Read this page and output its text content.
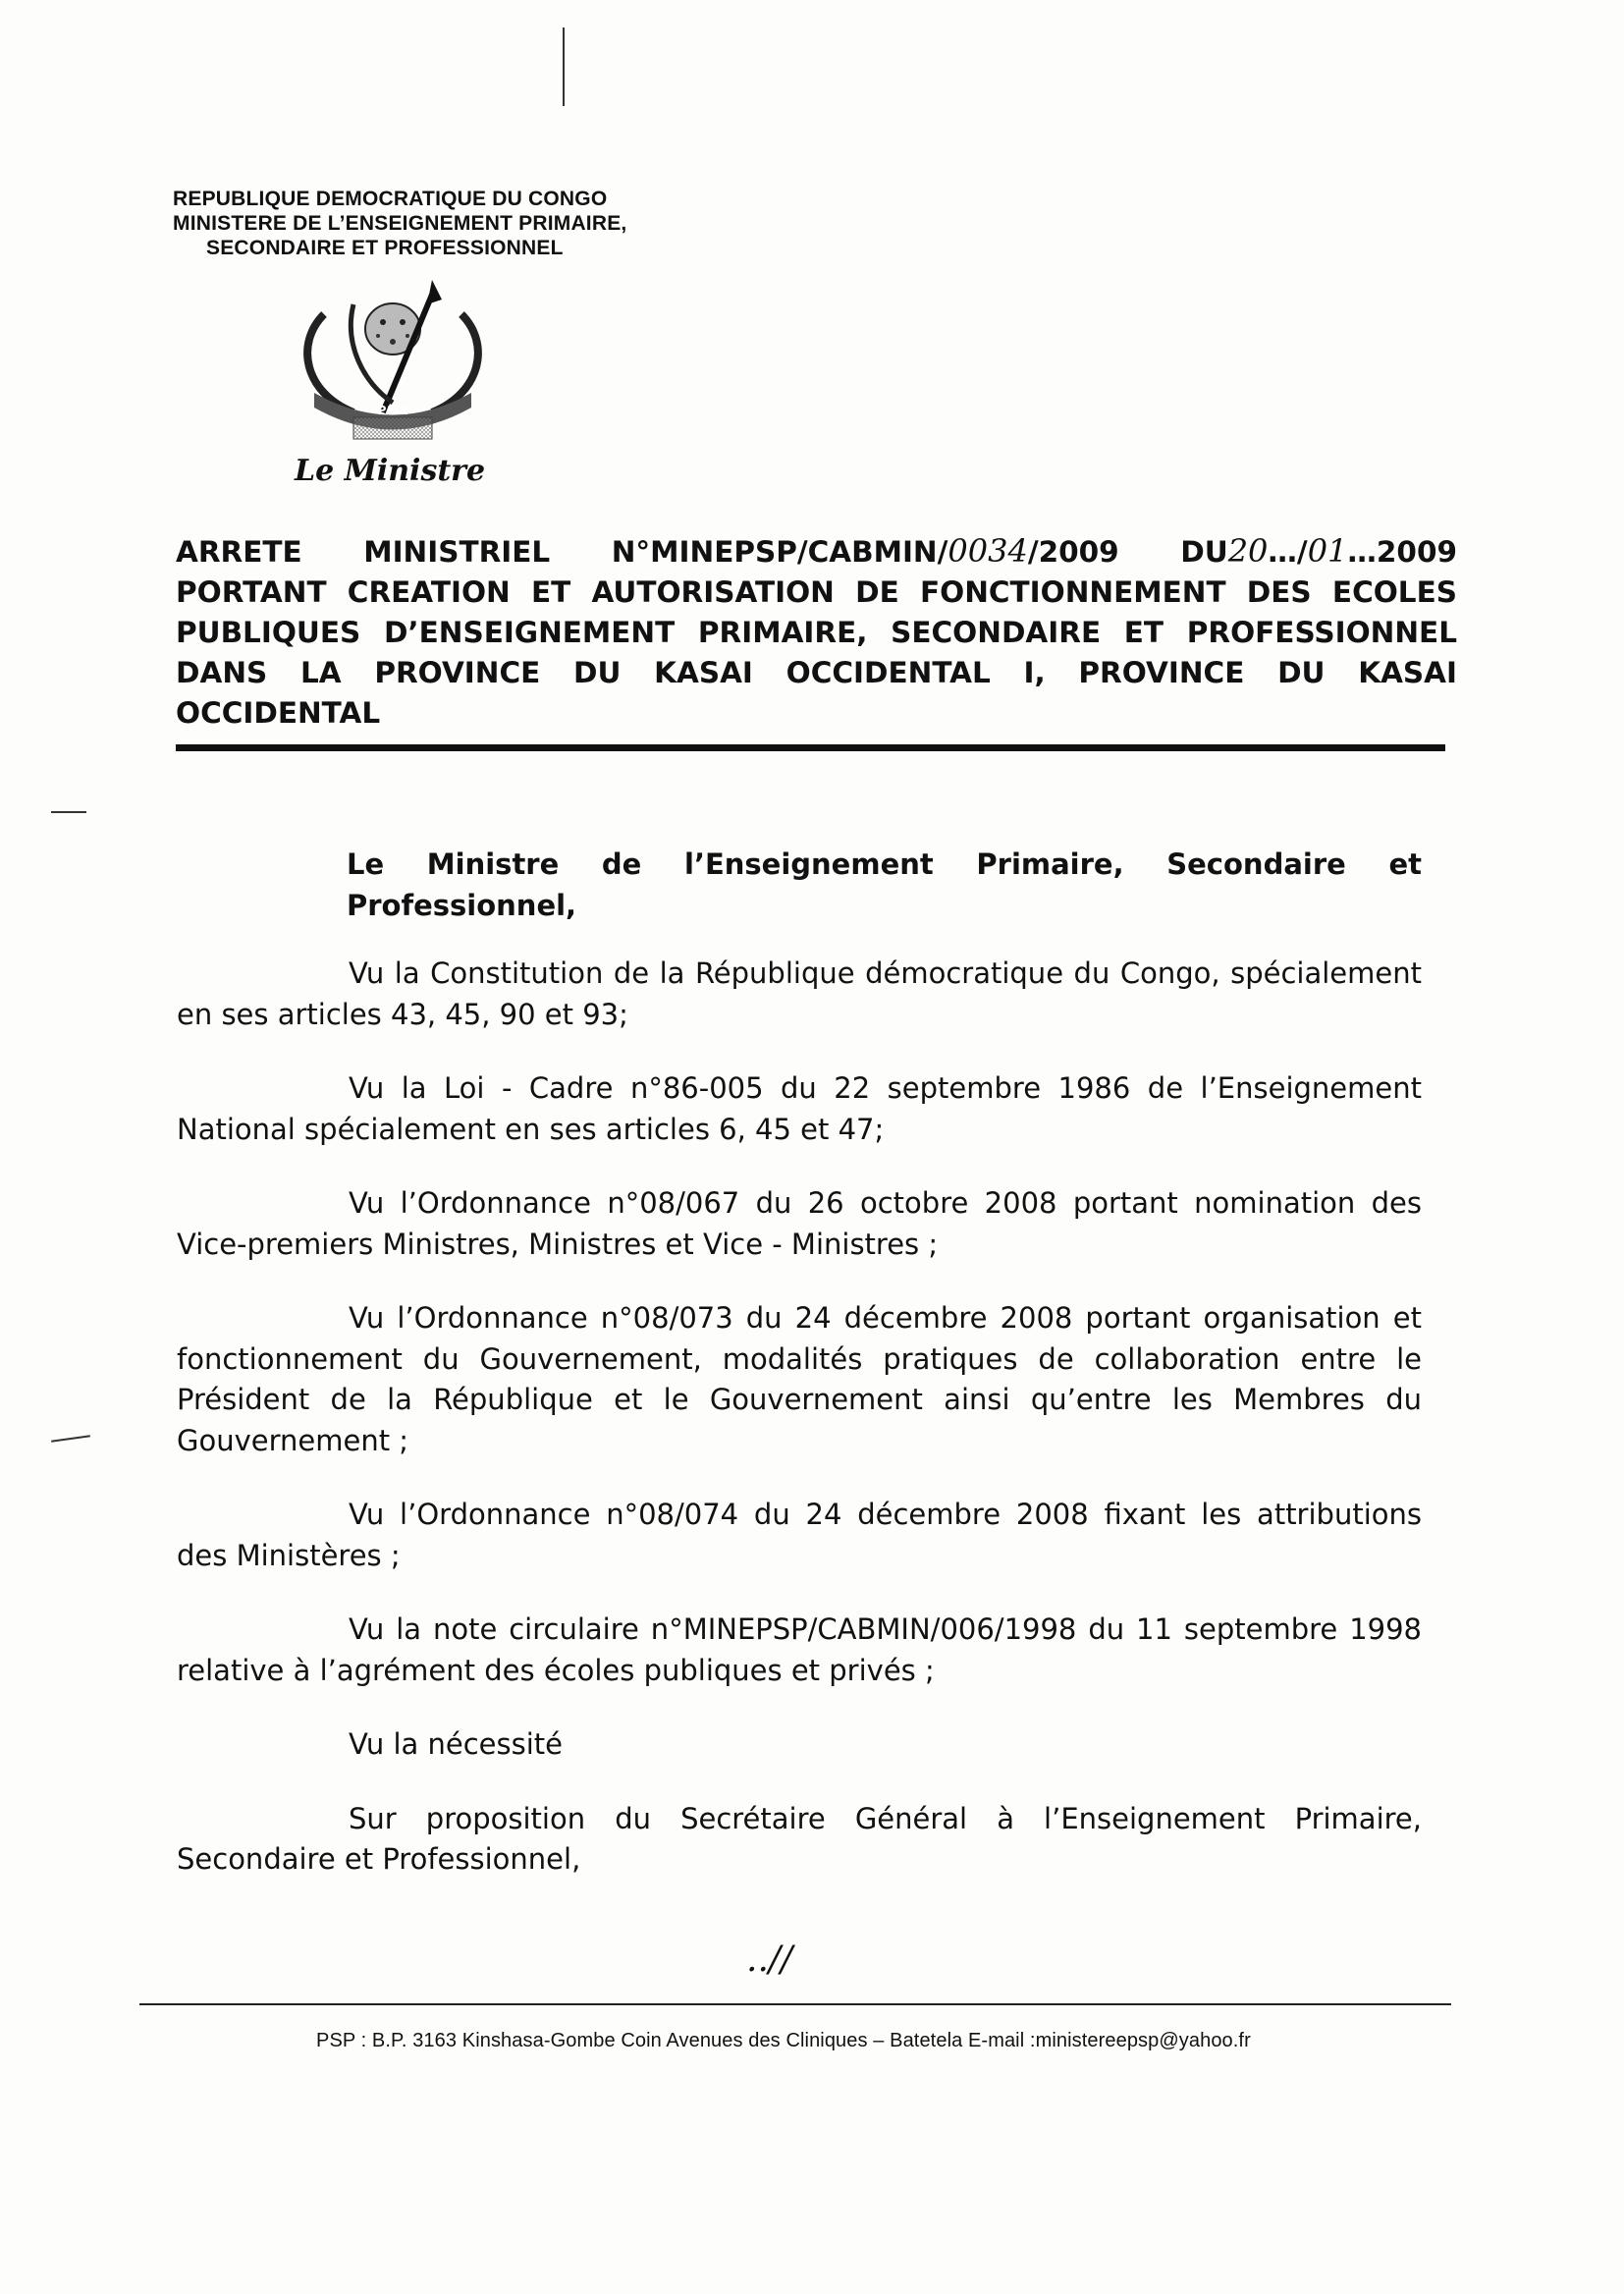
REPUBLIQUE DEMOCRATIQUE DU CONGO
MINISTERE DE L’ENSEIGNEMENT PRIMAIRE,
SECONDAIRE ET PROFESSIONNEL
PAIX
Le Ministre
ARRETE MINISTRIEL N°MINEPSP/CABMIN/0034/2009 DU20…/01…2009
PORTANT CREATION ET AUTORISATION DE FONCTIONNEMENT DES ECOLES
PUBLIQUES D’ENSEIGNEMENT PRIMAIRE, SECONDAIRE ET PROFESSIONNEL
DANS LA PROVINCE DU KASAI OCCIDENTAL I, PROVINCE DU KASAI
OCCIDENTAL

Le Ministre de l’Enseignement Primaire, Secondaire et Professionnel,

Vu la Constitution de la République démocratique du Congo, spécialement en ses articles 43, 45, 90 et 93;

Vu la Loi - Cadre n°86-005 du 22 septembre 1986 de l’Enseignement National spécialement en ses articles 6, 45 et 47;

Vu l’Ordonnance n°08/067 du 26 octobre 2008 portant nomination des Vice-premiers Ministres, Ministres et Vice - Ministres ;

Vu l’Ordonnance n°08/073 du 24 décembre 2008 portant organisation et fonctionnement du Gouvernement, modalités pratiques de collaboration entre le Président de la République et le Gouvernement ainsi qu’entre les Membres du Gouvernement ;

Vu l’Ordonnance n°08/074 du 24 décembre 2008 fixant les attributions des Ministères ;

Vu la note circulaire n°MINEPSP/CABMIN/006/1998 du 11 septembre 1998 relative à l’agrément des écoles publiques et privés ;

Vu la nécessité

Sur proposition du Secrétaire Général à l’Enseignement Primaire, Secondaire et Professionnel,

..//
PSP : B.P. 3163 Kinshasa-Gombe Coin Avenues des Cliniques – Batetela E-mail :ministereepsp@yahoo.fr
